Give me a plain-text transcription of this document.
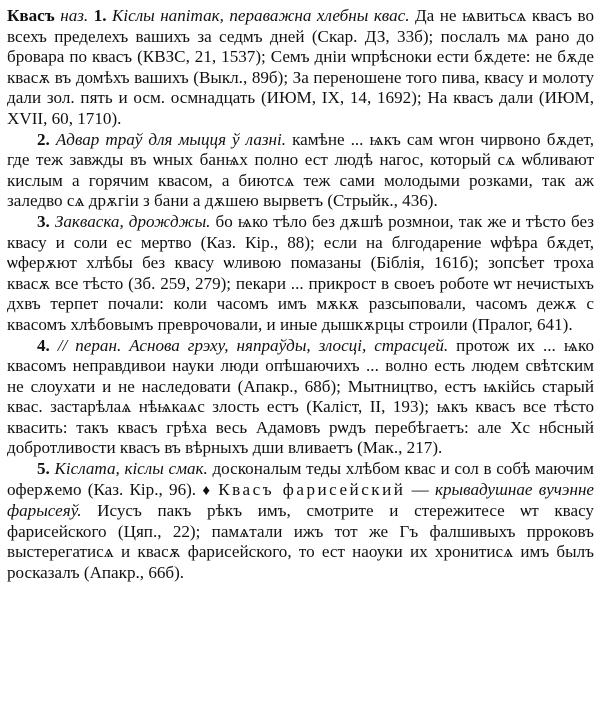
Квасъ наз. 1. Кіслы напітак, пераважна хлебны квас. Да не ѩвитьсѧ квасъ во всехъ пределехъ вашихъ за седмъ дней (Скар. ДЗ, 33б); послалъ мѧ рано до бровара по квасъ (КВЗС, 21, 1537); Семъ днiи ѡпрѣсноки ести бѫдете: не бѫде квасѫ въ домѣхъ вашихъ (Выкл., 89б); За переношене того пива, квасу и молоту дали зол. пять и осм. осмнадцать (ИЮМ, IX, 14, 1692); На квасъ дали (ИЮМ, XVII, 60, 1710).

2. Адвар трaў для мыцця ў лазні. камѣне ... ѩкъ сам ѡгон чирвоно бѫдет, где теж завжды въ ѡных банѩх полно ест людѣ нагос, который сѧ ѡбливают кислым а горячим квасом, а биютсѧ теж сами молодыми розками, так аж заледво сѧ дрѫгiи з бани а дѫшею вырветъ (Стрыйк., 436).

3. Закваска, дрожджы. бо ѩко тѣло без дѫшѣ розмнои, так же и тѣсто без квасу и соли ес мертво (Каз. Кір., 88); если на блгодарение ѡфѣра бѫдет, ѡферѫют хлѣбы без квасу ѡливою помазаны (Біблія, 161б); зопсѣет троха квасѫ все тѣсто (Зб. 259, 279); пекари ... прикрост в своеъ роботе ѡт нечистыхъ дхвъ терпет почали: коли часомъ имъ мѫкѫ разсыповали, часомъ дежѫ с квасомъ хлѣбовымъ преврочовали, и иные дышкѫрцы строили (Пралог, 641).

4. // перан. Аснова грэху, няпраўды, злосці, страсцей. протож их ... ѩко квасомъ неправдивои науки люди опѣшаючихъ ... волно есть людем свѣтским не слоухати и не наследовати (Апакр., 68б); Мытництво, естъ ѩкiйсь старый квас. застарѣлаѧ нѣѩкаѧс злость естъ (Каліст, II, 193); ѩкъ квасъ все тѣсто квасить: такъ квасъ грѣха весь Адамовъ рѡдъ перебѣгаетъ: але Хс нбсный добротливости квасъ въ вѣрныхъ дши вливаетъ (Мак., 217).

5. Кіслата, кіслы смак. досконалым теды хлѣбом квас и сол в собѣ маючим оферѫемо (Каз. Кір., 96). ♦ Квасъ фарисейский — крывадушнае вучэнне фарысеяў. Исусъ пакъ рѣкъ имъ, смотрите и стережитесе ѡт квасу фарисейского (Цяп., 22); памѧтали ижъ тот же Гъ фалшивыхъ прроковъ выстерегатисѧ и квасѫ фарисейского, то ест наоуки их хронитисѧ имъ былъ росказалъ (Апакр., 66б).
